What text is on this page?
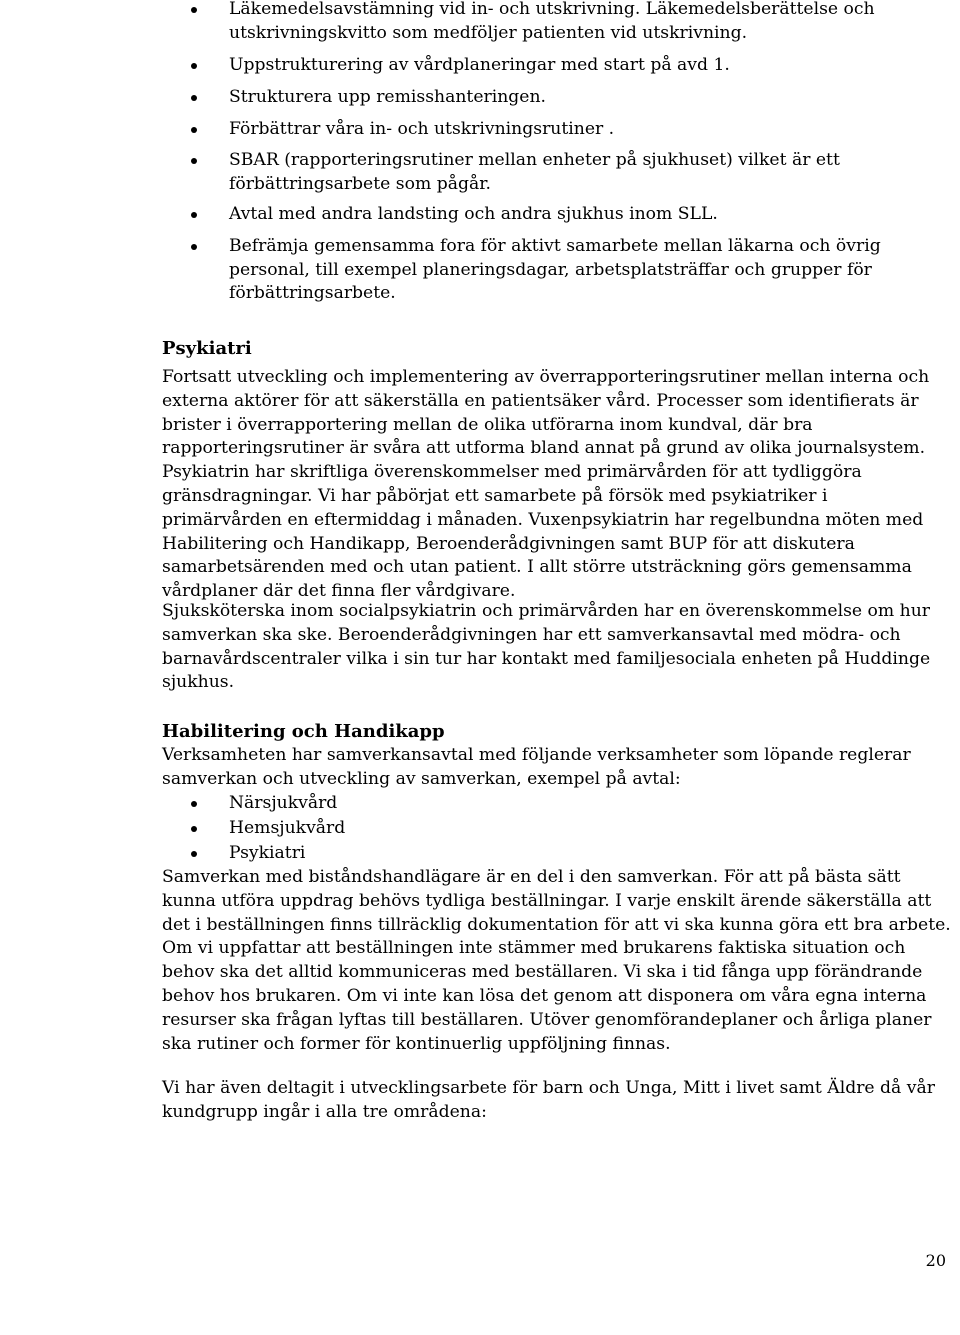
Läkemedelsavstämning vid in- och utskrivning. Läkemedelsberättelse och utskrivningskvitto som medföljer patienten vid utskrivning.
Uppstrukturering av vårdplaneringar med start på avd 1.
Strukturera upp remisshanteringen.
Förbättrar våra in- och utskrivningsrutiner .
SBAR (rapporteringsrutiner mellan enheter på sjukhuset) vilket är ett förbättringsarbete som pågår.
Avtal med andra landsting och andra sjukhus inom SLL.
Befrämja gemensamma fora för aktivt samarbete mellan läkarna och övrig personal, till exempel planeringsdagar, arbetsplatsträffar och grupper för förbättringsarbete.
Psykiatri

Fortsatt utveckling och implementering av överrapporteringsrutiner mellan interna och externa aktörer för att säkerställa en patientsäker vård. Processer som identifierats är brister i överrapportering mellan de olika utförarna inom kundval, där bra rapporteringsrutiner är svåra att utforma bland annat på grund av olika journalsystem. Psykiatrin har skriftliga överenskommelser med primärvården för att tydliggöra gränsdragningar. Vi har påbörjat ett samarbete på försök med psykiatriker i primärvården en eftermiddag i månaden. Vuxenpsykiatrin har regelbundna möten med Habilitering och Handikapp, Beroenderådgivningen samt BUP för att diskutera samarbetsärenden med och utan patient. I allt större utsträckning görs gemensamma vårdplaner där det finna fler vårdgivare.

Sjuksköterska inom socialpsykiatrin och primärvården har en överenskommelse om hur samverkan ska ske. Beroenderådgivningen har ett samverkansavtal med mödra- och barnavårdscentraler vilka i sin tur har kontakt med familjesociala enheten på Huddinge sjukhus.

Habilitering och Handikapp

Verksamheten har samverkansavtal med följande verksamheter som löpande reglerar samverkan och utveckling av samverkan, exempel på avtal:

Närsjukvård
Hemsjukvård
Psykiatri

Samverkan med biståndshandlägare är en del i den samverkan. För att på bästa sätt kunna utföra uppdrag behövs tydliga beställningar. I varje enskilt ärende säkerställa att det i beställningen finns tillräcklig dokumentation för att vi ska kunna göra ett bra arbete. Om vi uppfattar att beställningen inte stämmer med brukarens faktiska situation och behov ska det alltid kommuniceras med beställaren. Vi ska i tid fånga upp förändrande behov hos brukaren. Om vi inte kan lösa det genom att disponera om våra egna interna resurser ska frågan lyftas till beställaren. Utöver genomförandeplaner och årliga planer ska rutiner och former för kontinuerlig uppföljning finnas.

Vi har även deltagit i utvecklingsarbete för barn och Unga, Mitt i livet samt Äldre då vår kundgrupp ingår i alla tre områdena:

20
